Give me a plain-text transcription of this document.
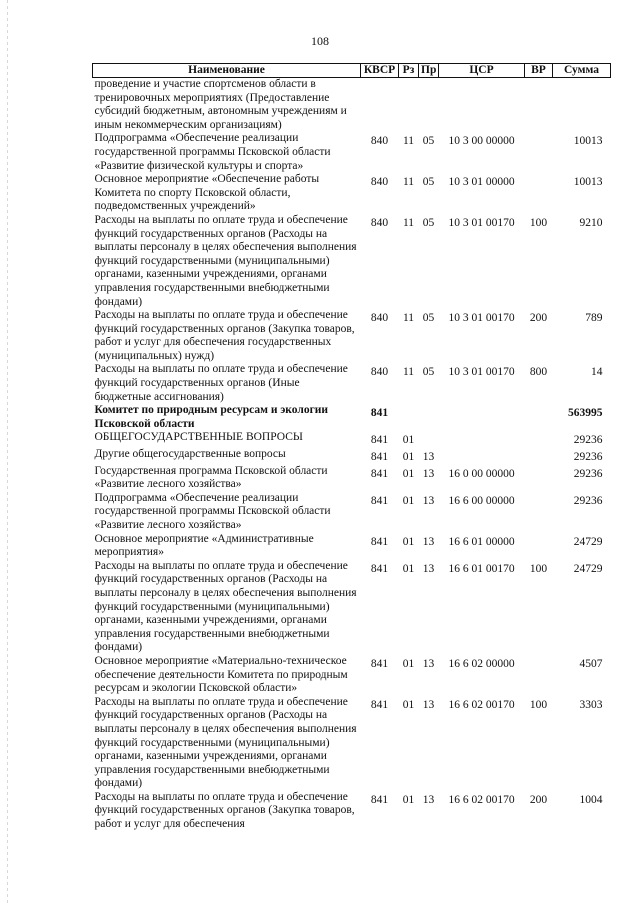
108
Наименование	КВСР	Рз	Пр	ЦСР	ВР	Сумма
проведение и участие спортсменов области в тренировочных мероприятиях (Предоставление субсидий бюджетным, автономным учреждениям и иным некоммерческим организациям)						
Подпрограмма «Обеспечение реализации государственной программы Псковской области «Развитие физической культуры и спорта»	840	11	05	10 3 00 00000		10013
Основное мероприятие «Обеспечение работы Комитета по спорту Псковской области, подведомственных учреждений»	840	11	05	10 3 01 00000		10013
Расходы на выплаты по оплате труда и обеспечение функций государственных органов (Расходы на выплаты персоналу в целях обеспечения выполнения функций государственными (муниципальными) органами, казенными учреждениями, органами управления государственными внебюджетными фондами)	840	11	05	10 3 01 00170	100	9210
Расходы на выплаты по оплате труда и обеспечение функций государственных органов (Закупка товаров, работ и услуг для обеспечения государственных (муниципальных) нужд)	840	11	05	10 3 01 00170	200	789
Расходы на выплаты по оплате труда и обеспечение функций государственных органов (Иные бюджетные ассигнования)	840	11	05	10 3 01 00170	800	14
Комитет по природным ресурсам и экологии Псковской области	841					563995
ОБЩЕГОСУДАРСТВЕННЫЕ ВОПРОСЫ	841	01				29236
Другие общегосударственные вопросы	841	01	13			29236
Государственная программа Псковской области «Развитие лесного хозяйства»	841	01	13	16 0 00 00000		29236
Подпрограмма «Обеспечение реализации государственной программы Псковской области «Развитие лесного хозяйства»	841	01	13	16 6 00 00000		29236
Основное мероприятие «Административные мероприятия»	841	01	13	16 6 01 00000		24729
Расходы на выплаты по оплате труда и обеспечение функций государственных органов (Расходы на выплаты персоналу в целях обеспечения выполнения функций государственными (муниципальными) органами, казенными учреждениями, органами управления государственными внебюджетными фондами)	841	01	13	16 6 01 00170	100	24729
Основное мероприятие «Материально-техническое обеспечение деятельности Комитета по природным ресурсам и экологии Псковской области»	841	01	13	16 6 02 00000		4507
Расходы на выплаты по оплате труда и обеспечение функций государственных органов (Расходы на выплаты персоналу в целях обеспечения выполнения функций государственными (муниципальными) органами, казенными учреждениями, органами управления государственными внебюджетными фондами)	841	01	13	16 6 02 00170	100	3303
Расходы на выплаты по оплате труда и обеспечение функций государственных органов (Закупка товаров, работ и услуг для обеспечения	841	01	13	16 6 02 00170	200	1004
